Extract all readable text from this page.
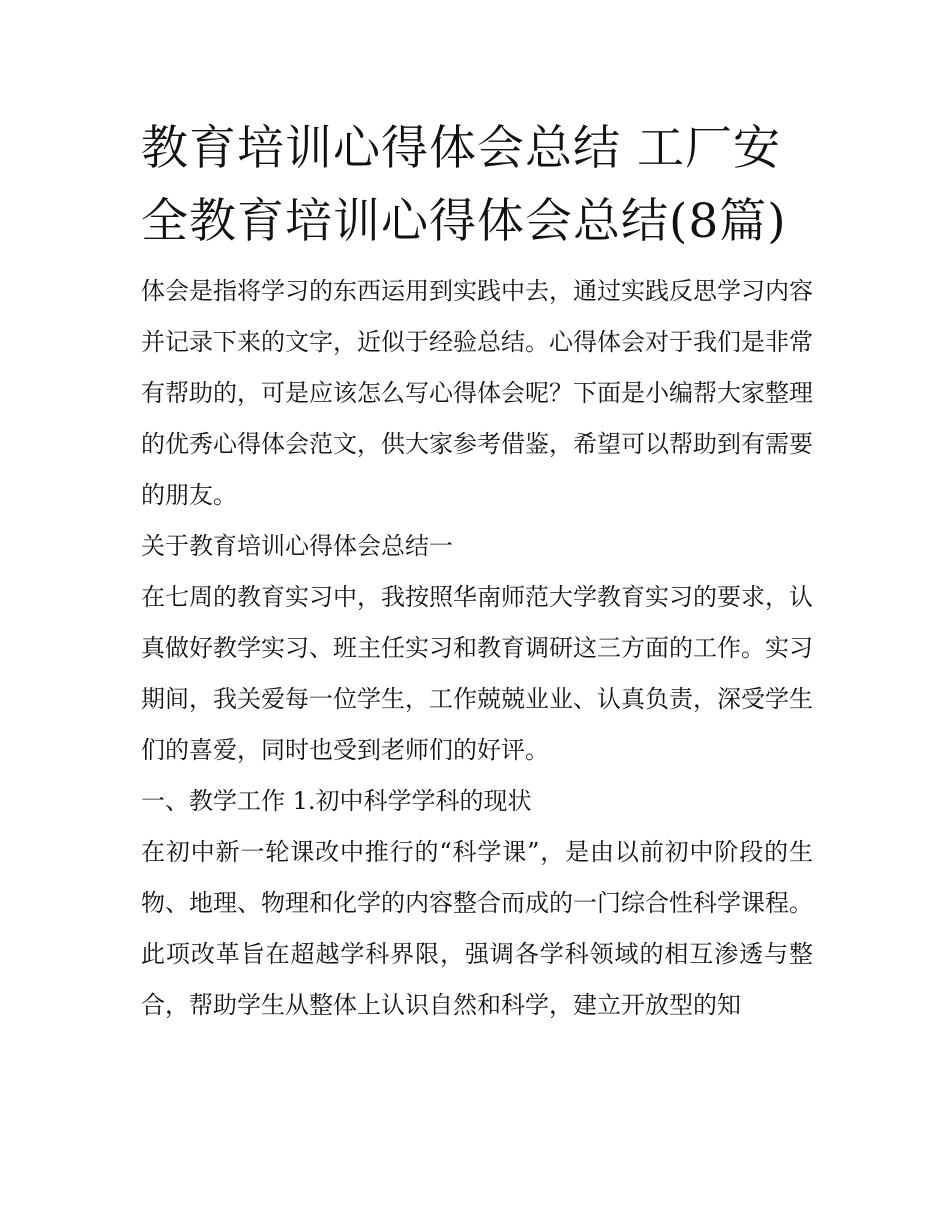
教育培训心得体会总结 工厂安全教育培训心得体会总结(8篇)

体会是指将学习的东西运用到实践中去，通过实践反思学习内容并记录下来的文字，近似于经验总结。心得体会对于我们是非常有帮助的，可是应该怎么写心得体会呢？下面是小编帮大家整理的优秀心得体会范文，供大家参考借鉴，希望可以帮助到有需要的朋友。

关于教育培训心得体会总结一

在七周的教育实习中，我按照华南师范大学教育实习的要求，认真做好教学实习、班主任实习和教育调研这三方面的工作。实习期间，我关爱每一位学生，工作兢兢业业、认真负责，深受学生们的喜爱，同时也受到老师们的好评。

一、教学工作 1.初中科学学科的现状

在初中新一轮课改中推行的“科学课”，是由以前初中阶段的生物、地理、物理和化学的内容整合而成的一门综合性科学课程。此项改革旨在超越学科界限，强调各学科领域的相互渗透与整合，帮助学生从整体上认识自然和科学，建立开放型的知
